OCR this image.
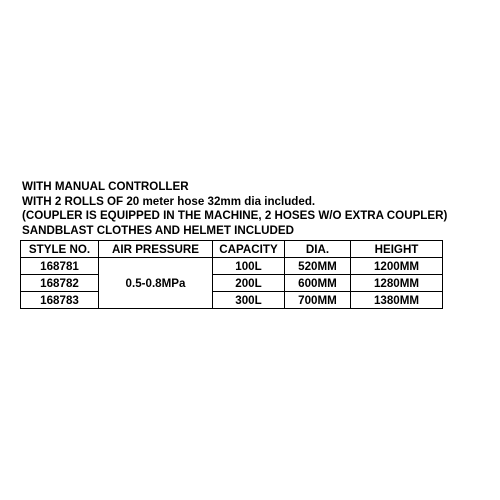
WITH MANUAL CONTROLLER
WITH 2 ROLLS OF 20 meter hose 32mm dia included.
(COUPLER IS EQUIPPED IN THE MACHINE, 2 HOSES W/O EXTRA COUPLER)
SANDBLAST CLOTHES AND HELMET INCLUDED
STYLE NO.	AIR PRESSURE	CAPACITY	DIA.	HEIGHT
168781	0.5-0.8MPa	100L	520MM	1200MM
168782		200L	600MM	1280MM
168783		300L	700MM	1380MM
